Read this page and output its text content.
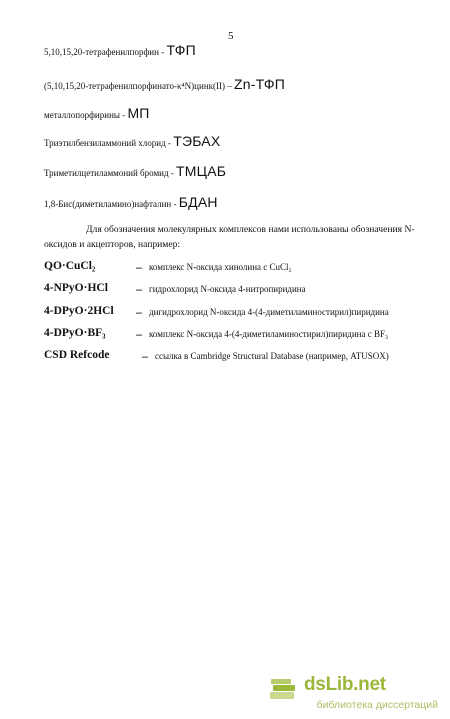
5
5,10,15,20-тетрафенилпорфин - ТФП
(5,10,15,20-тетрафенилпорфинато-κ⁴N)цинк(II) – Zn-ТФП
металлопорфирины - МП
Триэтилбензиламмоний хлорид - ТЭБАХ
Триметилцетиламмоний бромид - ТМЦАБ
1,8-Бис(диметиламино)нафталин - БДАН

Для обозначения молекулярных комплексов нами использованы обозначения N-оксидов и акцепторов, например:

QO·CuCl₂	– комплекс N-оксида хинолина с CuCl₂
4-NPyO·HCl – гидрохлорид N-оксида 4-нитропиридина
4-DPyO·2HCl – дигидрохлорид N-оксида 4-(4-диметиламиностирил)пиридина
4-DPyO·BF₃	– комплекс N-оксида 4-(4-диметиламиностирил)пиридина с BF₃
CSD Refcode	– ссылка в Cambridge Structural Database (например, ATUSOX)
dsLib.net
библиотека диссертаций
